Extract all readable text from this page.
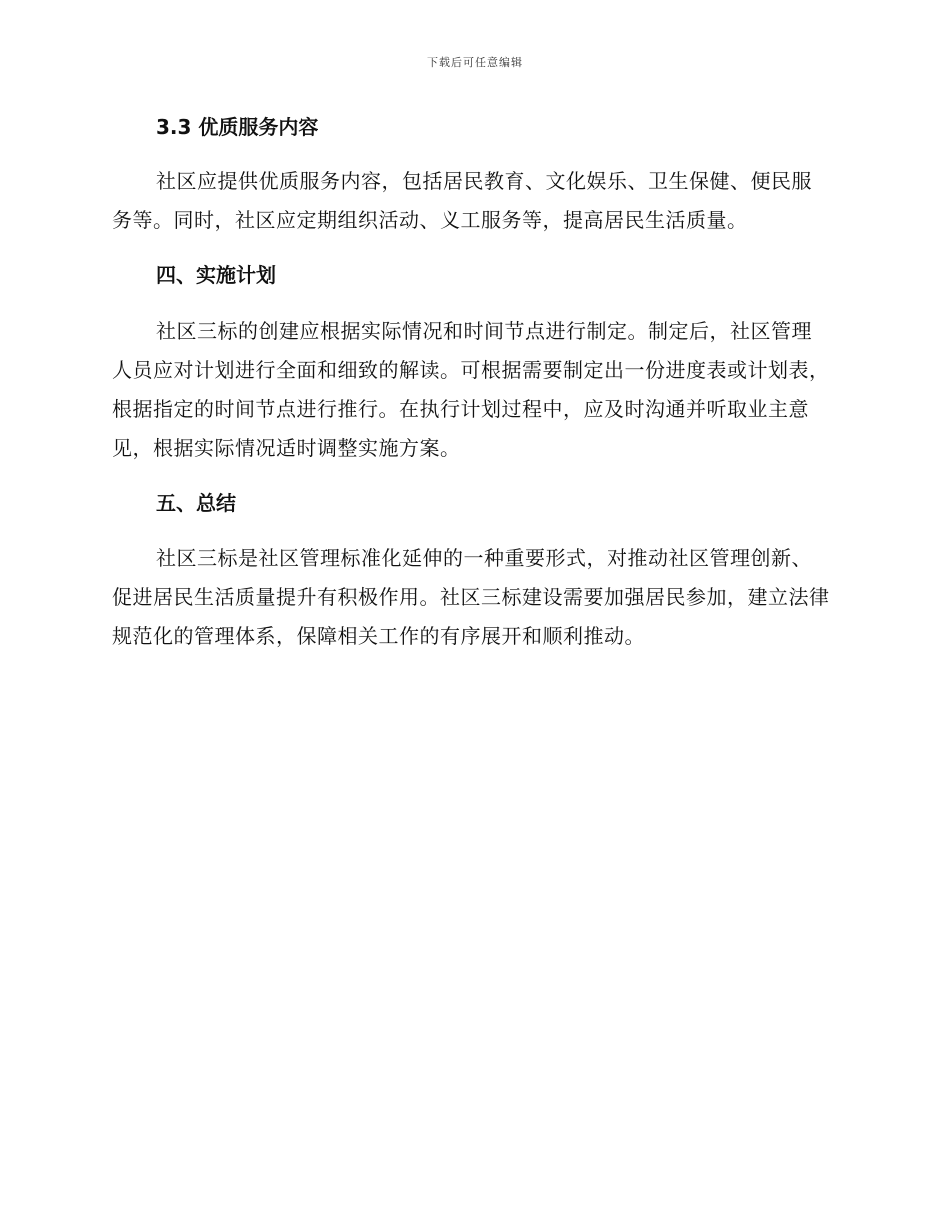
下载后可任意编辑
3.3 优质服务内容

社区应提供优质服务内容，包括居民教育、文化娱乐、卫生保健、便民服务等。同时，社区应定期组织活动、义工服务等，提高居民生活质量。

四、实施计划

社区三标的创建应根据实际情况和时间节点进行制定。制定后，社区管理人员应对计划进行全面和细致的解读。可根据需要制定出一份进度表或计划表，根据指定的时间节点进行推行。在执行计划过程中，应及时沟通并听取业主意见，根据实际情况适时调整实施方案。

五、总结

社区三标是社区管理标准化延伸的一种重要形式，对推动社区管理创新、促进居民生活质量提升有积极作用。社区三标建设需要加强居民参加，建立法律规范化的管理体系，保障相关工作的有序展开和顺利推动。
